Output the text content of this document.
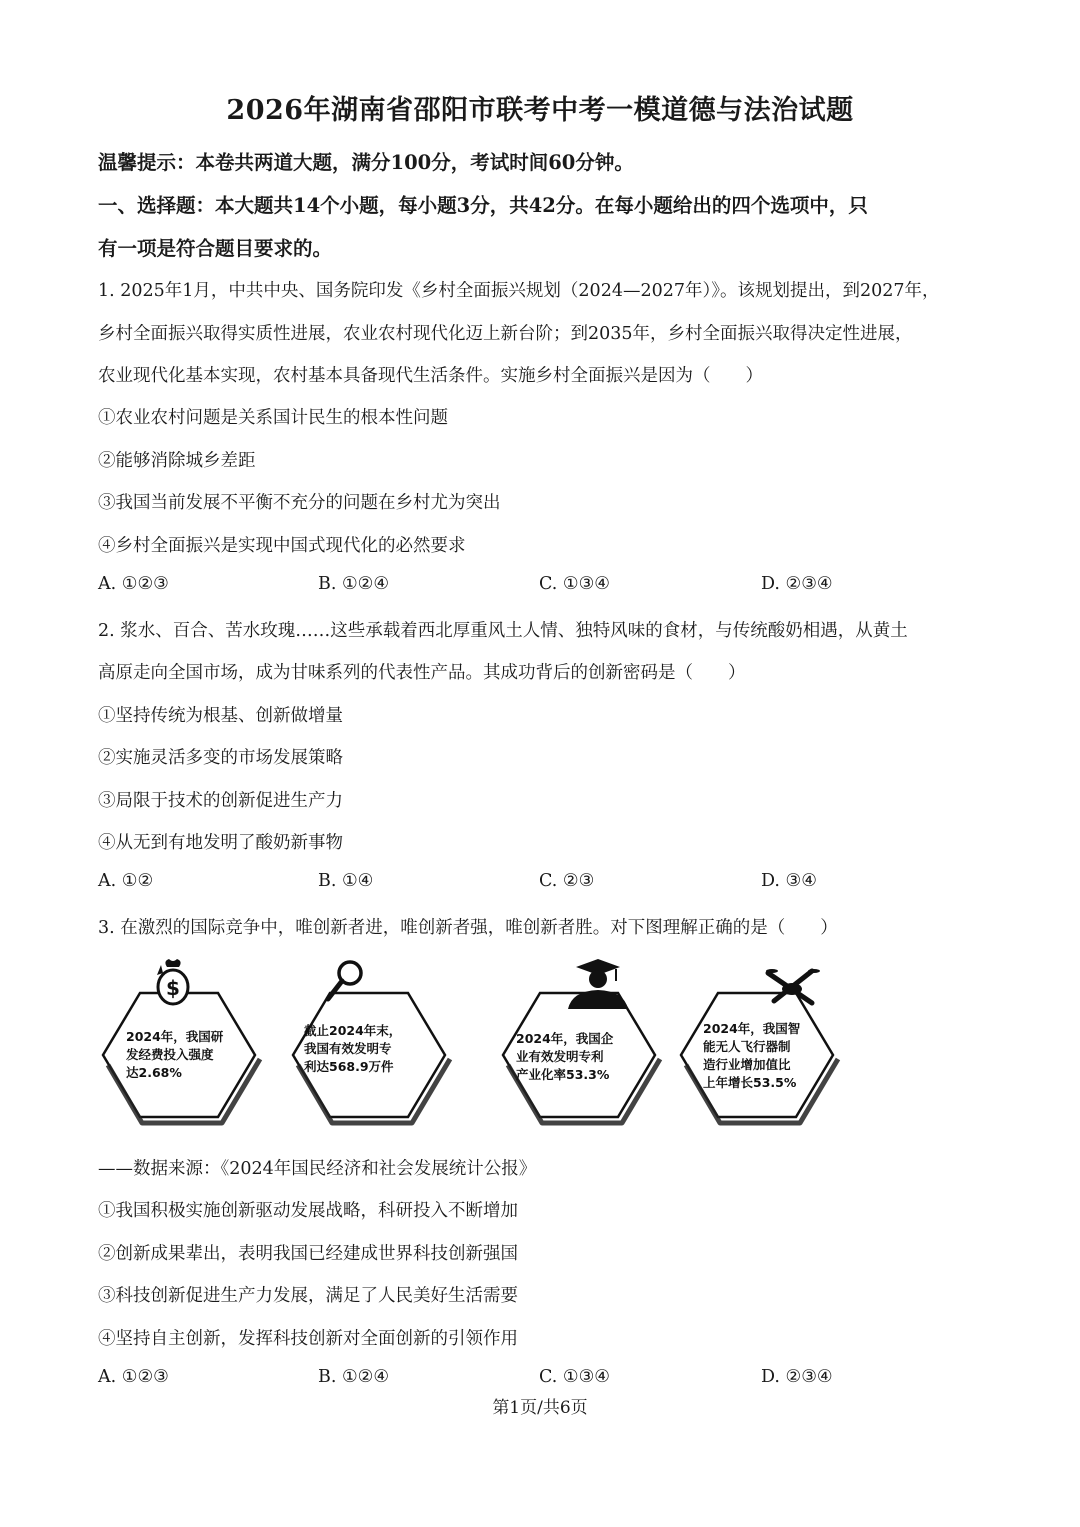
2026年湖南省邵阳市联考中考一模道德与法治试题
温馨提示：本卷共两道大题，满分100分，考试时间60分钟。
一、选择题：本大题共14个小题，每小题3分，共42分。在每小题给出的四个选项中，只
有一项是符合题目要求的。
1. 2025年1月，中共中央、国务院印发《乡村全面振兴规划（2024—2027年）》。该规划提出，到2027年，
乡村全面振兴取得实质性进展，农业农村现代化迈上新台阶；到2035年，乡村全面振兴取得决定性进展，
农业现代化基本实现，农村基本具备现代生活条件。实施乡村全面振兴是因为（　　）
①农业农村问题是关系国计民生的根本性问题
②能够消除城乡差距
③我国当前发展不平衡不充分的问题在乡村尤为突出
④乡村全面振兴是实现中国式现代化的必然要求
A. ①②③	B. ①②④	C. ①③④	D. ②③④
2. 浆水、百合、苦水玫瑰……这些承载着西北厚重风土人情、独特风味的食材，与传统酸奶相遇，从黄土
高原走向全国市场，成为甘味系列的代表性产品。其成功背后的创新密码是（　　）
①坚持传统为根基、创新做增量
②实施灵活多变的市场发展策略
③局限于技术的创新促进生产力
④从无到有地发明了酸奶新事物
A. ①②	B. ①④	C. ②③	D. ③④
3. 在激烈的国际竞争中，唯创新者进，唯创新者强，唯创新者胜。对下图理解正确的是（　　）
$
2024年，我国研
发经费投入强度
达2.68%
截止2024年末，
我国有效发明专
利达568.9万件
2024年，我国企
业有效发明专利
产业化率53.3%
2024年，我国智
能无人飞行器制
造行业增加值比
上年增长53.5%
——数据来源：《2024年国民经济和社会发展统计公报》
①我国积极实施创新驱动发展战略，科研投入不断增加
②创新成果辈出，表明我国已经建成世界科技创新强国
③科技创新促进生产力发展，满足了人民美好生活需要
④坚持自主创新，发挥科技创新对全面创新的引领作用
A. ①②③	B. ①②④	C. ①③④	D. ②③④
第1页/共6页
